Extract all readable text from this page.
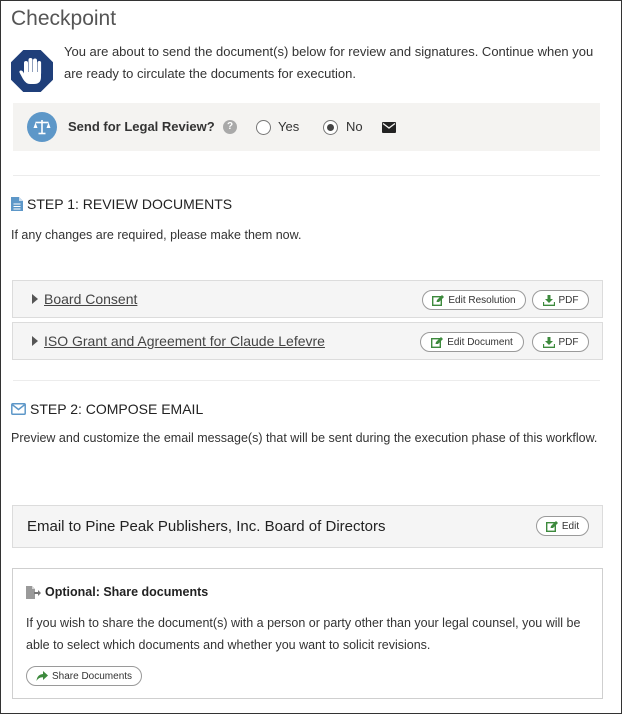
Checkpoint
You are about to send the document(s) below for review and signatures. Continue when you are ready to circulate the documents for execution.
Send for Legal Review?	?	Yes	No
STEP 1: REVIEW DOCUMENTS
If any changes are required, please make them now.
Board Consent	Edit Resolution	PDF
ISO Grant and Agreement for Claude Lefevre	Edit Document	PDF
STEP 2: COMPOSE EMAIL
Preview and customize the email message(s) that will be sent during the execution phase of this workflow.
Email to Pine Peak Publishers, Inc. Board of Directors	Edit
Optional: Share documents
If you wish to share the document(s) with a person or party other than your legal counsel, you will be able to select which documents and whether you want to solicit revisions.
Share Documents
